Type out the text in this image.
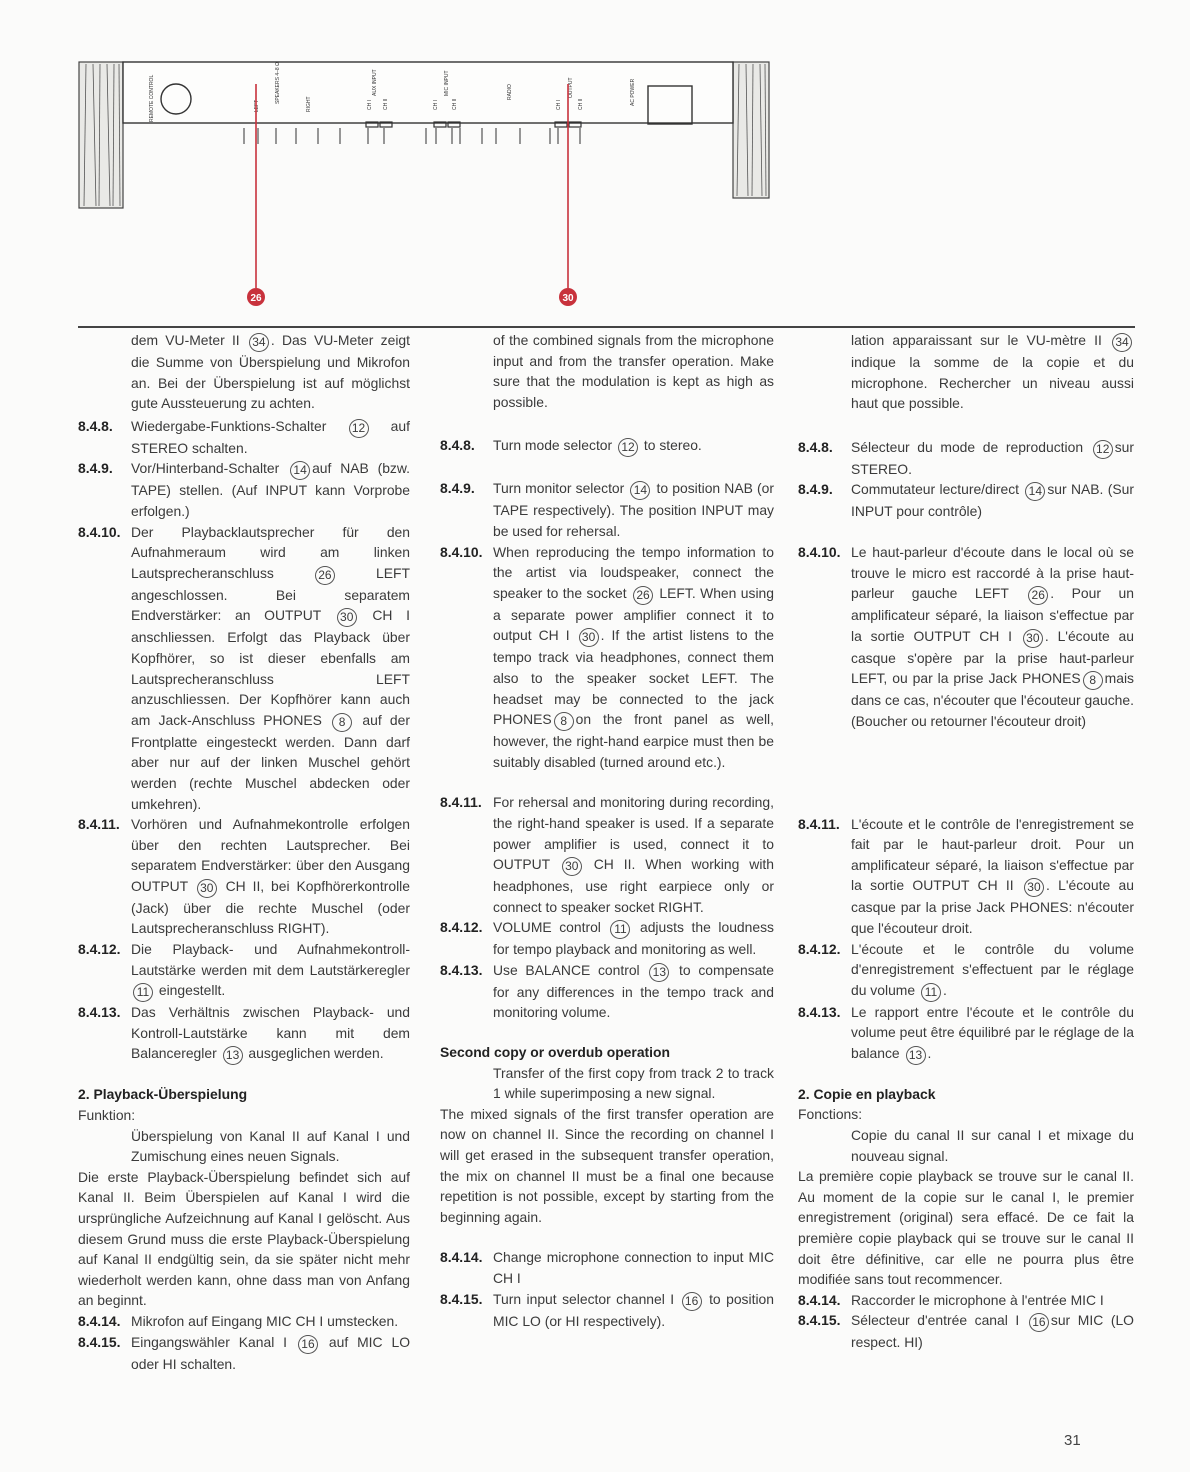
REMOTE CONTROL	LEFT
SPEAKERS 4–8 Ω
RIGHT	CH I
AUX INPUT
CH II	CH I
MIC INPUT
CH II
RADIO
CH I
OUTPUT
CH II	AC POWER
26	30
dem VU-Meter II 34 . Das VU-Meter zeigt die Summe von Überspielung und Mikrofon an. Bei der Überspielung ist auf möglichst gute Aussteuerung zu achten.
8.4.8.	Wiedergabe-Funktions-Schalter 12 auf STEREO schalten.
8.4.9.	Vor/Hinterband-Schalter 14 auf NAB (bzw. TAPE) stellen. (Auf INPUT kann Vorprobe erfolgen.)
8.4.10. Der Playbacklautsprecher für den Aufnahmeraum wird am linken Lautsprecheranschluss 26 LEFT angeschlossen. Bei separatem Endverstärker: an OUTPUT 30 CH I anschliessen. Erfolgt das Playback über Kopfhörer, so ist dieser ebenfalls am Lautsprecheranschluss LEFT anzuschliessen. Der Kopfhörer kann auch am Jack-Anschluss PHONES 8 auf der Frontplatte eingesteckt werden. Dann darf aber nur auf der linken Muschel gehört werden (rechte Muschel abdecken oder umkehren).
8.4.11. Vorhören und Aufnahmekontrolle erfolgen über den rechten Lautsprecher. Bei separatem Endverstärker: über den Ausgang OUTPUT 30 CH II, bei Kopfhörerkontrolle (Jack) über die rechte Muschel (oder Lautsprecheranschluss RIGHT).
8.4.12. Die Playback- und Aufnahmekontroll-Lautstärke werden mit dem Lautstärkeregler 11 eingestellt.
8.4.13. Das Verhältnis zwischen Playback- und Kontroll-Lautstärke kann mit dem Balanceregler 13 ausgeglichen werden.

2. Playback-Überspielung

Funktion:

Überspielung von Kanal II auf Kanal I und Zumischung eines neuen Signals.

Die erste Playback-Überspielung befindet sich auf Kanal II. Beim Überspielen auf Kanal I wird die ursprüngliche Aufzeichnung auf Kanal I gelöscht. Aus diesem Grund muss die erste Playback-Überspielung auf Kanal II endgültig sein, da sie später nicht mehr wiederholt werden kann, ohne dass man von Anfang an beginnt.

8.4.14. Mikrofon auf Eingang MIC CH I umstecken.
8.4.15. Eingangswähler Kanal I 16 auf MIC LO oder HI schalten.
of the combined signals from the microphone input and from the transfer operation. Make sure that the modulation is kept as high as possible.
8.4.8.	Turn mode selector 12 to stereo.
8.4.9.	Turn monitor selector 14 to position NAB (or TAPE respectively). The position INPUT may be used for rehersal.
8.4.10. When reproducing the tempo information to the artist via loudspeaker, connect the speaker to the socket 26 LEFT. When using a separate power amplifier connect it to output CH I 30 . If the artist listens to the tempo track via headphones, connect them also to the speaker socket LEFT. The headset may be connected to the jack PHONES 8 on the front panel as well, however, the right-hand earpice must then be suitably disabled (turned around etc.).
8.4.11. For rehersal and monitoring during recording, the right-hand speaker is used. If a separate power amplifier is used, connect it to OUTPUT 30 CH II. When working with headphones, use right earpiece only or connect to speaker socket RIGHT.
8.4.12. VOLUME control 11 adjusts the loudness for tempo playback and monitoring as well.
8.4.13. Use BALANCE control 13 to compensate for any differences in the tempo track and monitoring volume.

Second copy or overdub operation

Transfer of the first copy from track 2 to track 1 while superimposing a new signal.

The mixed signals of the first transfer operation are now on channel II. Since the recording on channel I will get erased in the subsequent transfer operation, the mix on channel II must be a final one because repetition is not possible, except by starting from the beginning again.

8.4.14. Change microphone connection to input MIC CH I
8.4.15. Turn input selector channel I 16 to position MIC LO (or HI respectively).
lation apparaissant sur le VU-mètre II 34 indique la somme de la copie et du microphone. Rechercher un niveau aussi haut que possible.
8.4.8.	Sélecteur du mode de reproduction 12 sur STEREO.
8.4.9.	Commutateur lecture/direct 14 sur NAB. (Sur INPUT pour contrôle)
8.4.10. Le haut-parleur d'écoute dans le local où se trouve le micro est raccordé à la prise haut-parleur gauche LEFT 26 . Pour un amplificateur séparé, la liaison s'effectue par la sortie OUTPUT CH I 30 . L'écoute au casque s'opère par la prise haut-parleur LEFT, ou par la prise Jack PHONES 8 mais dans ce cas, n'écouter que l'écouteur gauche. (Boucher ou retourner l'écouteur droit)
8.4.11. L'écoute et le contrôle de l'enregistrement se fait par le haut-parleur droit. Pour un amplificateur séparé, la liaison s'effectue par la sortie OUTPUT CH II 30 . L'écoute au casque par la prise Jack PHONES: n'écouter que l'écouteur droit.
8.4.12. L'écoute et le contrôle du volume d'enregistrement s'effectuent par le réglage du volume 11 .
8.4.13. Le rapport entre l'écoute et le contrôle du volume peut être équilibré par le réglage de la balance 13 .

2. Copie en playback

Fonctions:

Copie du canal II sur canal I et mixage du nouveau signal.

La première copie playback se trouve sur le canal II. Au moment de la copie sur le canal I, le premier enregistrement (original) sera effacé. De ce fait la première copie playback qui se trouve sur le canal II doit être définitive, car elle ne pourra plus être modifiée sans tout recommencer.

8.4.14. Raccorder le microphone à l'entrée MIC I
8.4.15. Sélecteur d'entrée canal I 16 sur MIC (LO respect. HI)
31
